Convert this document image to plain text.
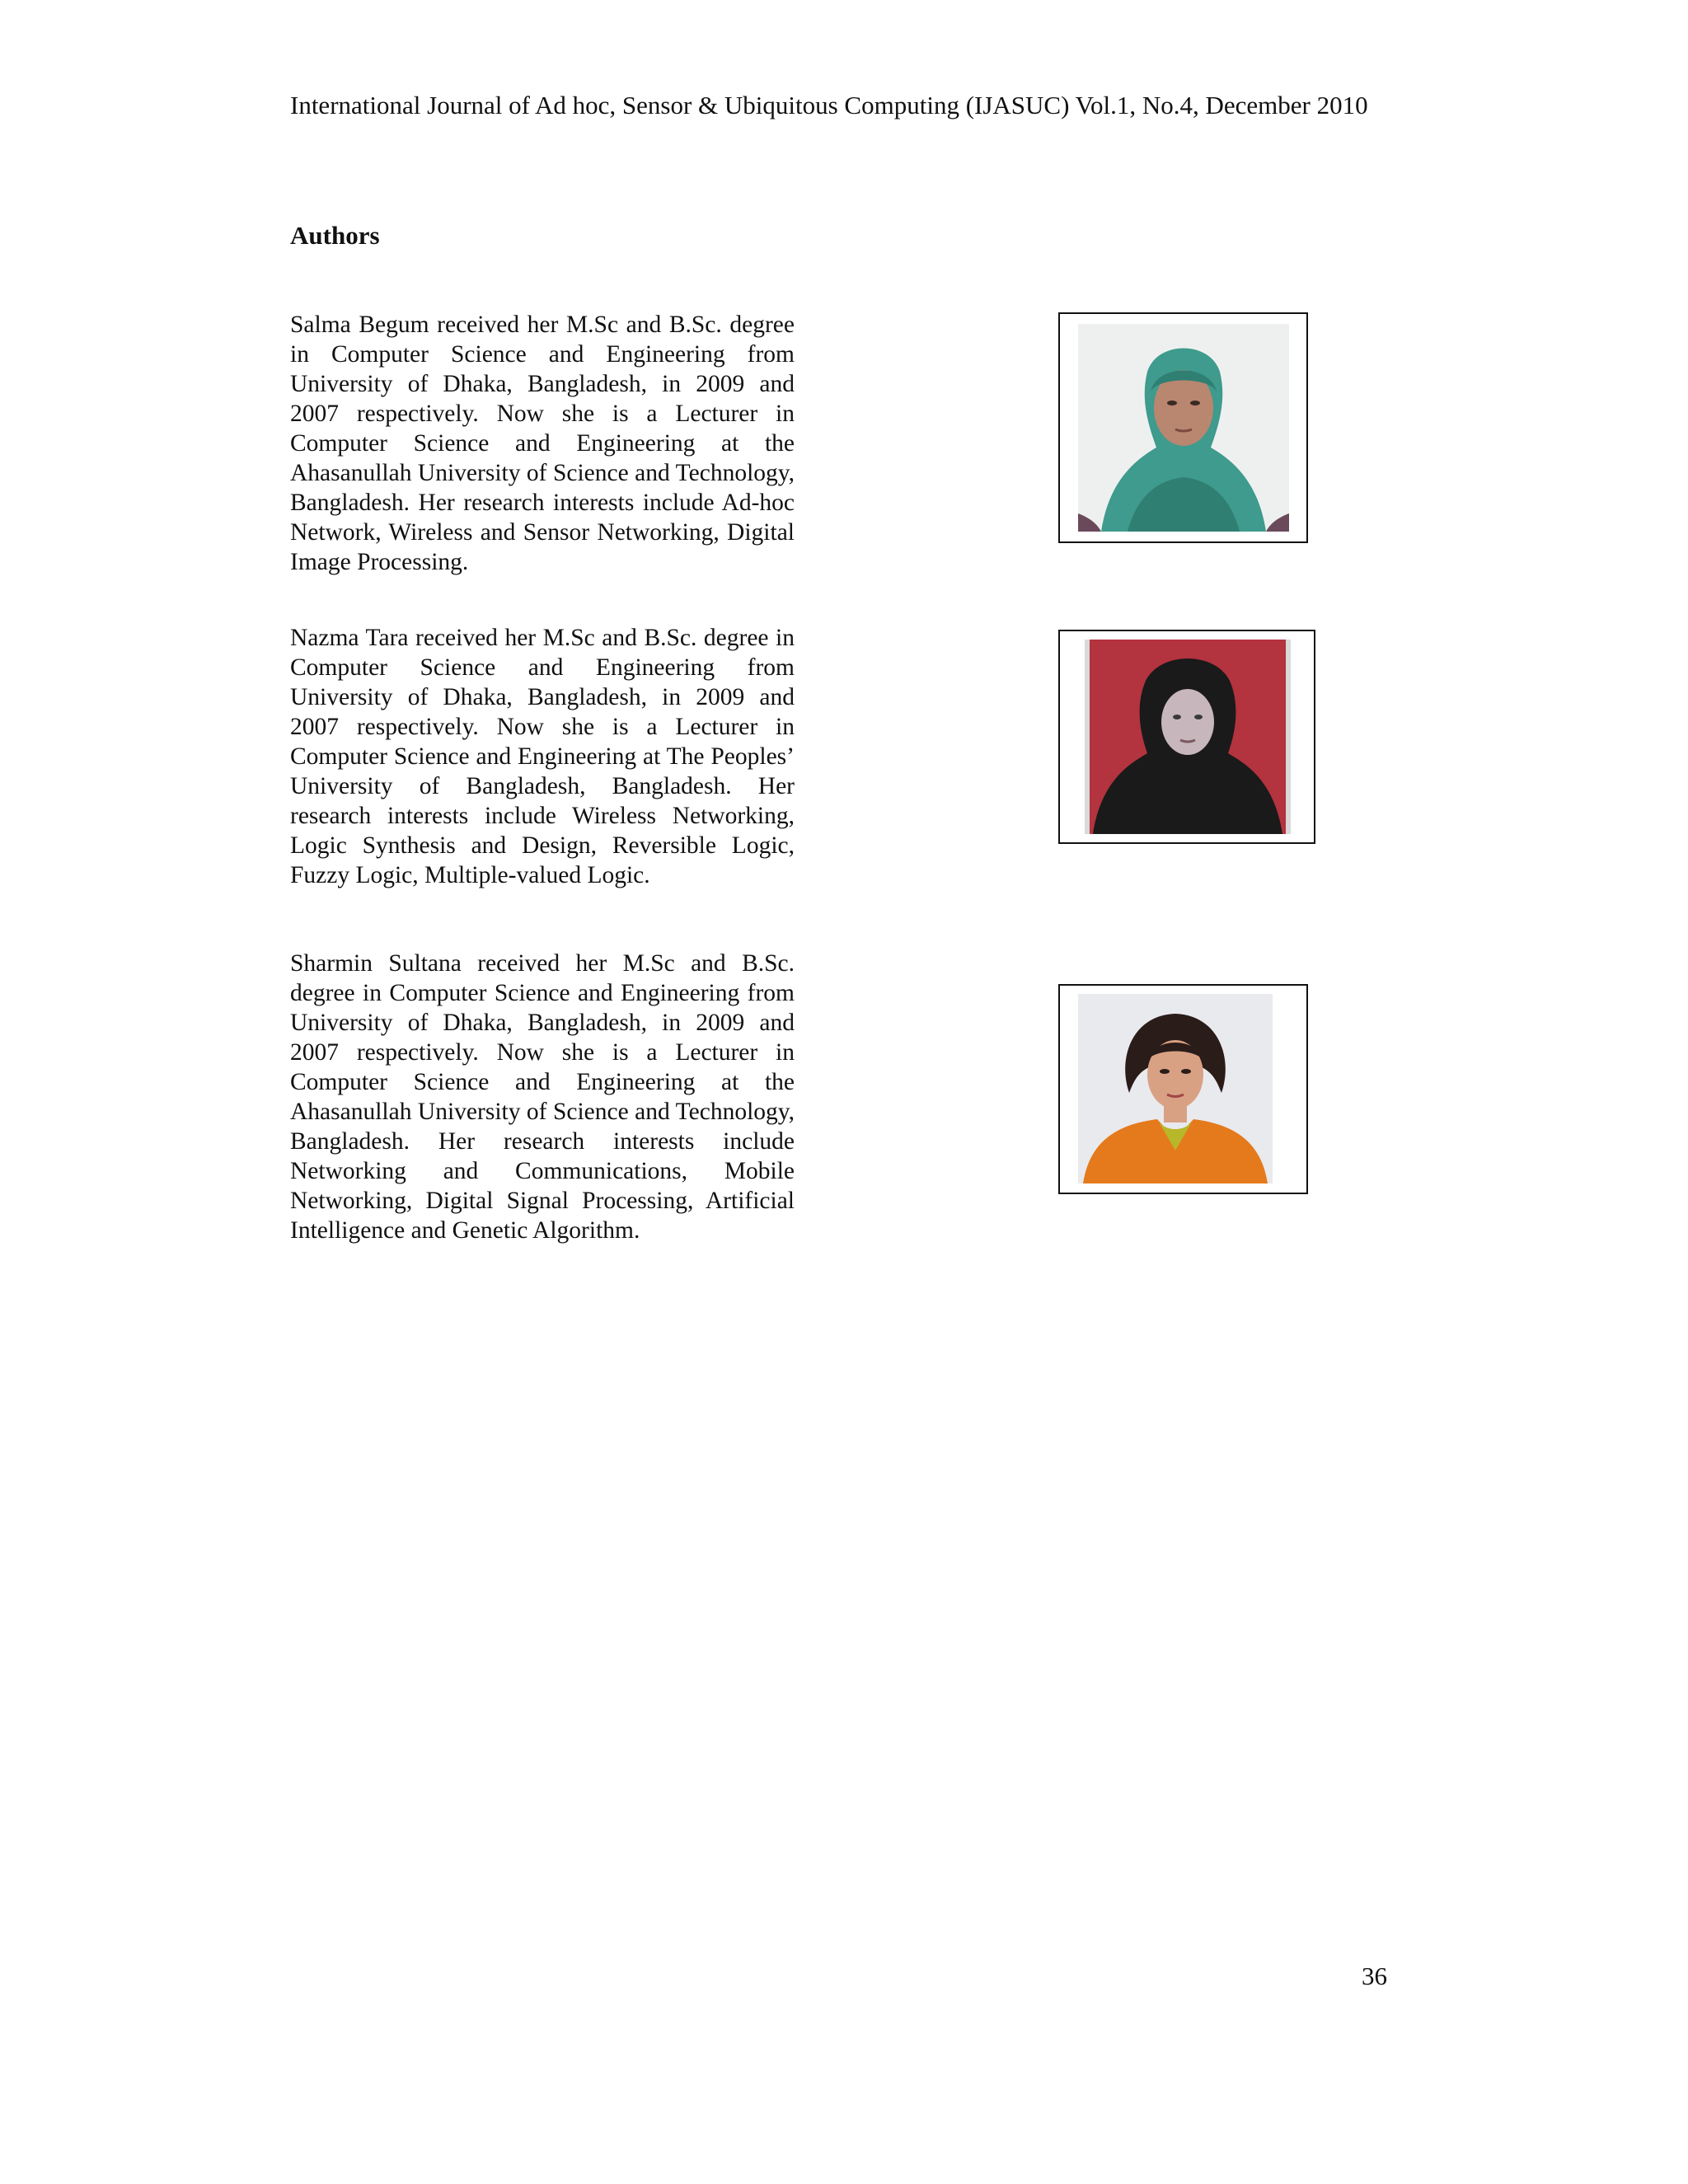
International Journal of Ad hoc, Sensor & Ubiquitous Computing (IJASUC) Vol.1, No.4, December 2010
Authors

Salma Begum received her M.Sc and B.Sc. degree in Computer Science and Engineering from University of Dhaka, Bangladesh, in 2009 and 2007 respectively. Now she is a Lecturer in Computer Science and Engineering at the Ahasanullah University of Science and Technology, Bangladesh. Her research interests include Ad-hoc Network, Wireless and Sensor Networking, Digital Image Processing.

Nazma Tara received her M.Sc and B.Sc. degree in Computer Science and Engineering from University of Dhaka, Bangladesh, in 2009 and 2007 respectively. Now she is a Lecturer in Computer Science and Engineering at The Peoples’ University of Bangladesh, Bangladesh. Her research interests include Wireless Networking, Logic Synthesis and Design, Reversible Logic, Fuzzy Logic, Multiple-valued Logic.

Sharmin Sultana received her M.Sc and B.Sc. degree in Computer Science and Engineering from University of Dhaka, Bangladesh, in 2009 and 2007 respectively. Now she is a Lecturer in Computer Science and Engineering at the Ahasanullah University of Science and Technology, Bangladesh. Her research interests include Networking and Communications, Mobile Networking, Digital Signal Processing, Artificial Intelligence and Genetic Algorithm.

36
